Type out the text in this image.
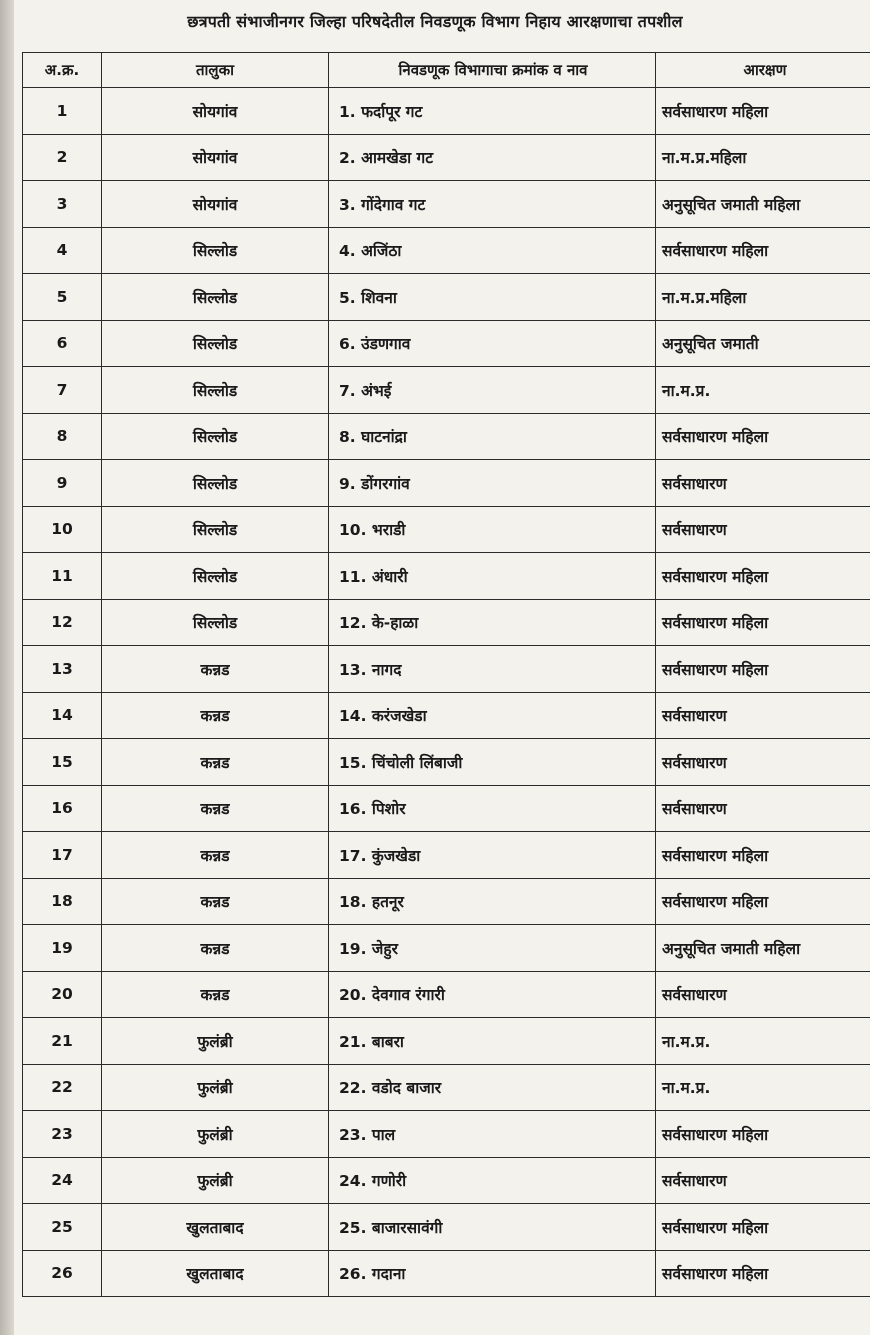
छत्रपती संभाजीनगर जिल्हा परिषदेतील निवडणूक विभाग निहाय आरक्षणाचा तपशील
अ.क्र.	तालुका	निवडणूक विभागाचा क्रमांक व नाव	आरक्षण
1	सोयगांव	1. फर्दापूर गट	सर्वसाधारण महिला
2	सोयगांव	2. आमखेडा गट	ना.म.प्र.महिला
3	सोयगांव	3. गोंदेगाव गट	अनुसूचित जमाती महिला
4	सिल्लोड	4. अजिंठा	सर्वसाधारण महिला
5	सिल्लोड	5. शिवना	ना.म.प्र.महिला
6	सिल्लोड	6. उंडणगाव	अनुसूचित जमाती
7	सिल्लोड	7. अंभई	ना.म.प्र.
8	सिल्लोड	8. घाटनांद्रा	सर्वसाधारण महिला
9	सिल्लोड	9. डोंगरगांव	सर्वसाधारण
10	सिल्लोड	10. भराडी	सर्वसाधारण
11	सिल्लोड	11. अंधारी	सर्वसाधारण महिला
12	सिल्लोड	12. के-हाळा	सर्वसाधारण महिला
13	कन्नड	13. नागद	सर्वसाधारण महिला
14	कन्नड	14. करंजखेडा	सर्वसाधारण
15	कन्नड	15. चिंचोली लिंबाजी	सर्वसाधारण
16	कन्नड	16. पिशोर	सर्वसाधारण
17	कन्नड	17. कुंजखेडा	सर्वसाधारण महिला
18	कन्नड	18. हतनूर	सर्वसाधारण महिला
19	कन्नड	19. जेहुर	अनुसूचित जमाती महिला
20	कन्नड	20. देवगाव रंगारी	सर्वसाधारण
21	फुलंब्री	21. बाबरा	ना.म.प्र.
22	फुलंब्री	22. वडोद बाजार	ना.म.प्र.
23	फुलंब्री	23. पाल	सर्वसाधारण महिला
24	फुलंब्री	24. गणोरी	सर्वसाधारण
25	खुलताबाद	25. बाजारसावंगी	सर्वसाधारण महिला
26	खुलताबाद	26. गदाना	सर्वसाधारण महिला
